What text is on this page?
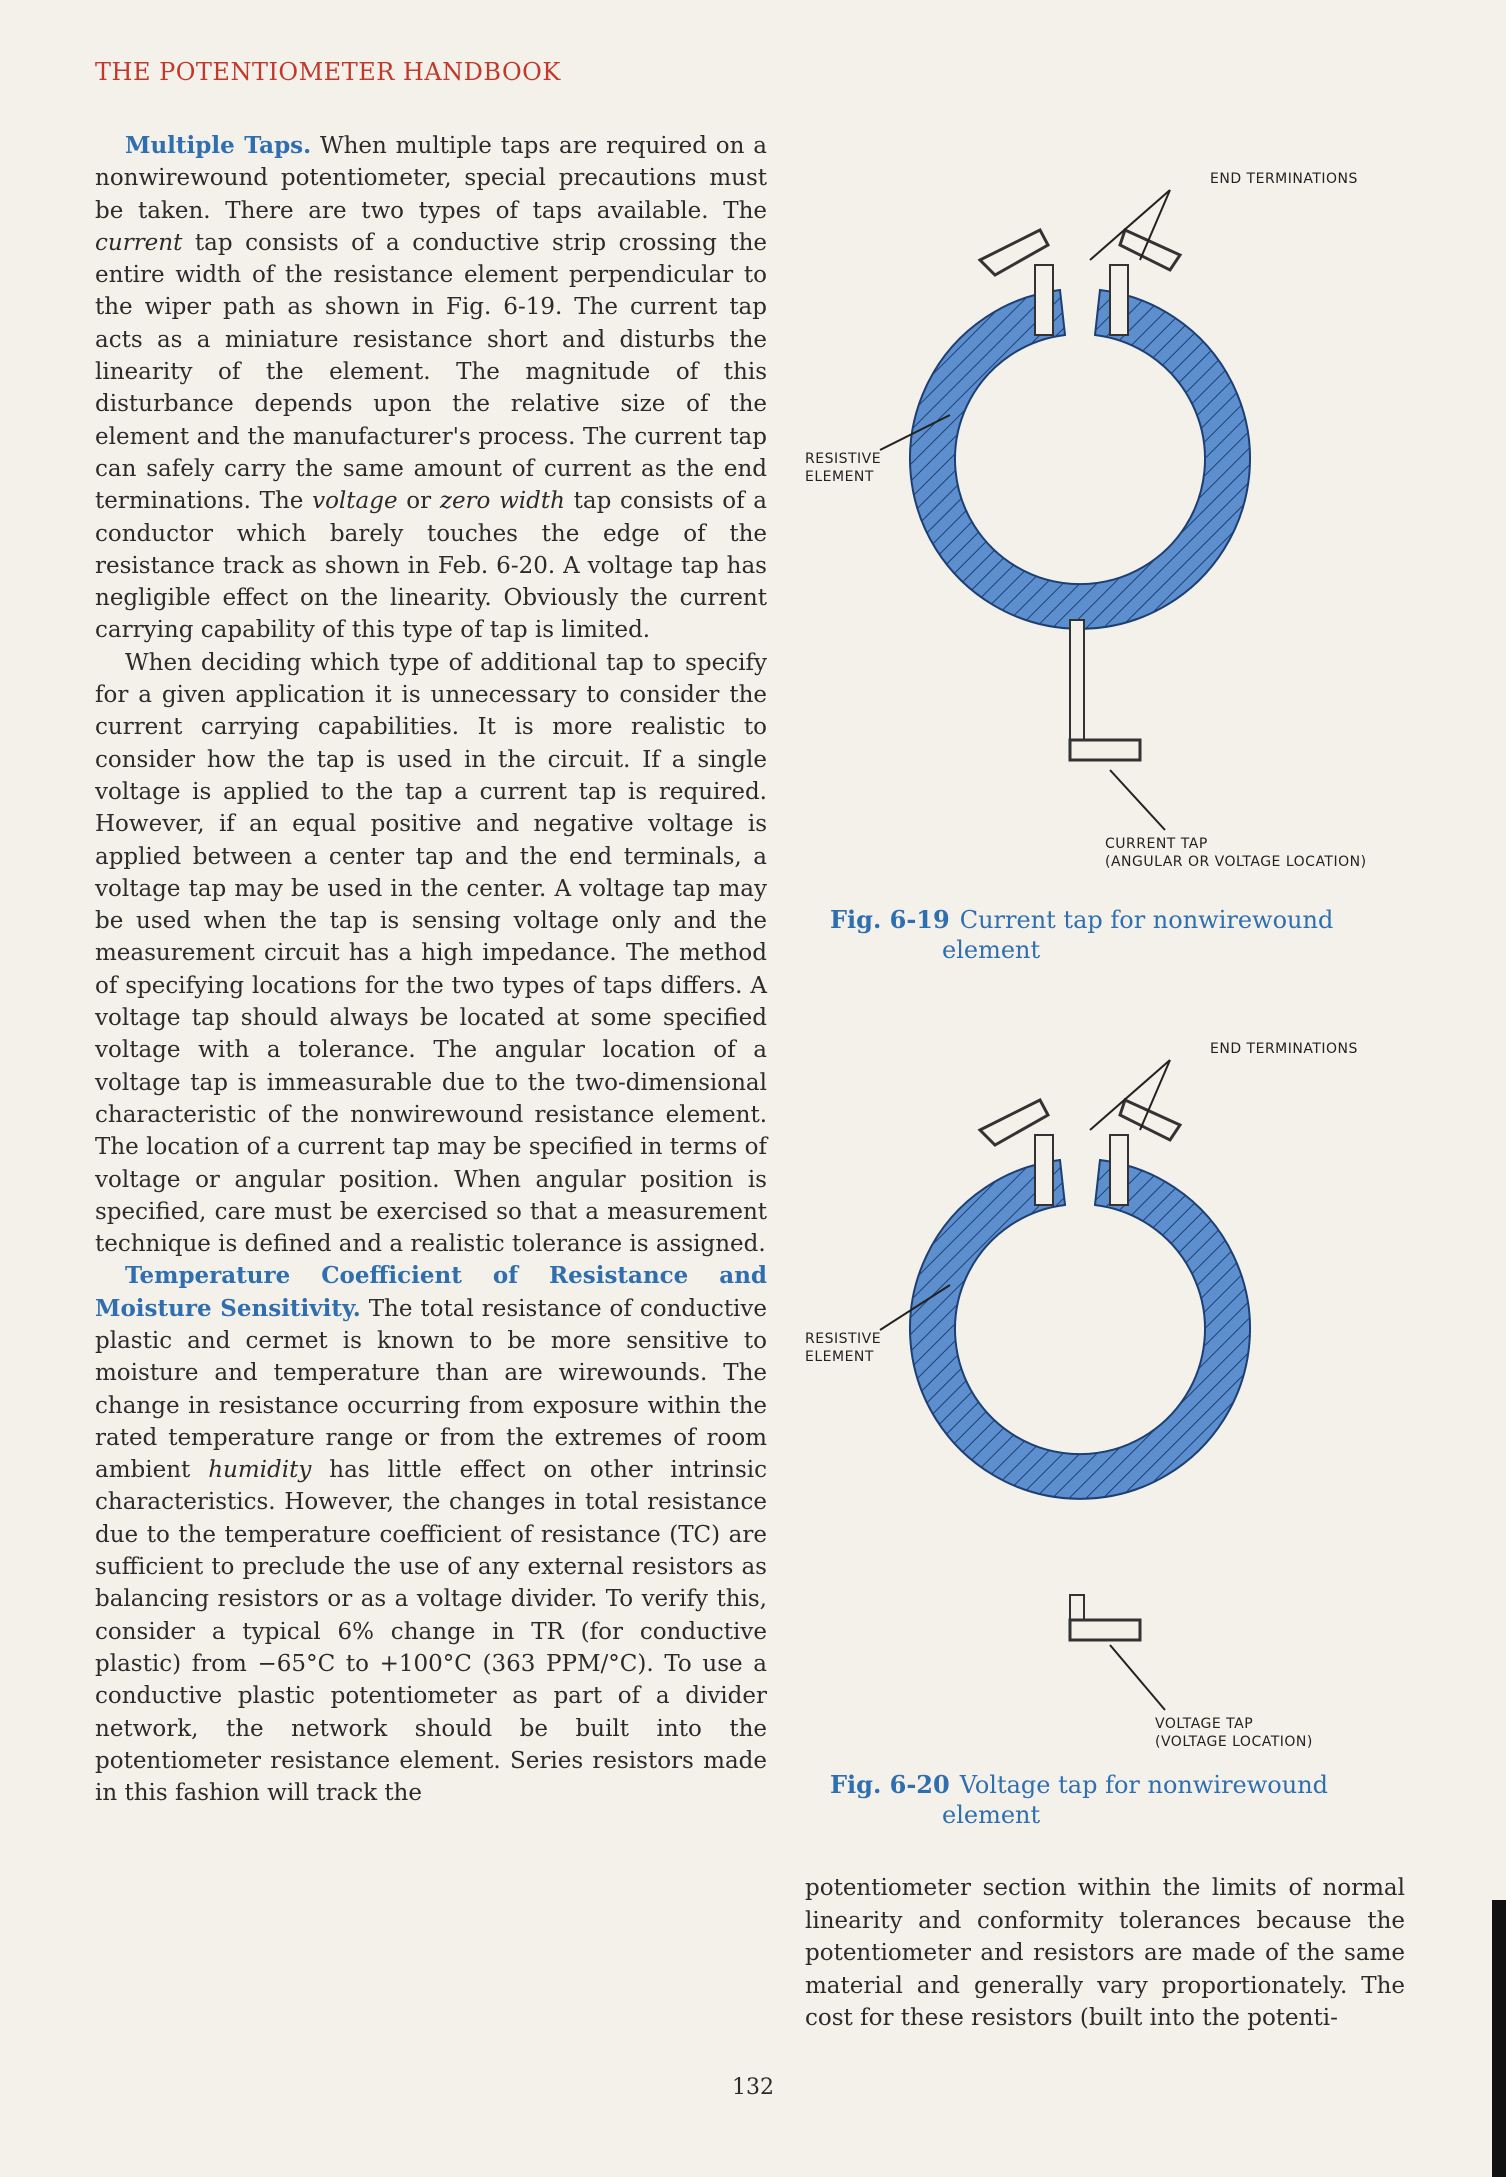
THE POTENTIOMETER HANDBOOK

Multiple Taps. When multiple taps are required on a nonwirewound potentiometer, special precautions must be taken. There are two types of taps available. The current tap consists of a conductive strip crossing the entire width of the resistance element perpendicular to the wiper path as shown in Fig. 6-19. The current tap acts as a miniature resistance short and disturbs the linearity of the element. The magnitude of this disturbance depends upon the relative size of the element and the manufacturer's process. The current tap can safely carry the same amount of current as the end terminations. The voltage or zero width tap consists of a conductor which barely touches the edge of the resistance track as shown in Feb. 6-20. A voltage tap has negligible effect on the linearity. Obviously the current carrying capability of this type of tap is limited.

When deciding which type of additional tap to specify for a given application it is unnecessary to consider the current carrying capabilities. It is more realistic to consider how the tap is used in the circuit. If a single voltage is applied to the tap a current tap is required. However, if an equal positive and negative voltage is applied between a center tap and the end terminals, a voltage tap may be used in the center. A voltage tap may be used when the tap is sensing voltage only and the measurement circuit has a high impedance. The method of specifying locations for the two types of taps differs. A voltage tap should always be located at some specified voltage with a tolerance. The angular location of a voltage tap is immeasurable due to the two-dimensional characteristic of the nonwirewound resistance element. The location of a current tap may be specified in terms of voltage or angular position. When angular position is specified, care must be exercised so that a measurement technique is defined and a realistic tolerance is assigned.

Temperature Coefficient of Resistance and Moisture Sensitivity. The total resistance of conductive plastic and cermet is known to be more sensitive to moisture and temperature than are wirewounds. The change in resistance occurring from exposure within the rated temperature range or from the extremes of room ambient humidity has little effect on other intrinsic characteristics. However, the changes in total resistance due to the temperature coefficient of resistance (TC) are sufficient to preclude the use of any external resistors as balancing resistors or as a voltage divider. To verify this, consider a typical 6% change in TR (for conductive plastic) from −65°C to +100°C (363 PPM/°C). To use a conductive plastic potentiometer as part of a divider network, the network should be built into the potentiometer resistance element. Series resistors made in this fashion will track the

END TERMINATIONS
RESISTIVE
ELEMENT
CURRENT TAP
(ANGULAR OR VOLTAGE LOCATION)
Fig. 6-19 Current tap for nonwirewound
element
END TERMINATIONS
RESISTIVE
ELEMENT
VOLTAGE TAP
(VOLTAGE LOCATION)
Fig. 6-20 Voltage tap for nonwirewound
element

potentiometer section within the limits of normal linearity and conformity tolerances because the potentiometer and resistors are made of the same material and generally vary proportionately. The cost for these resistors (built into the potenti-

132
